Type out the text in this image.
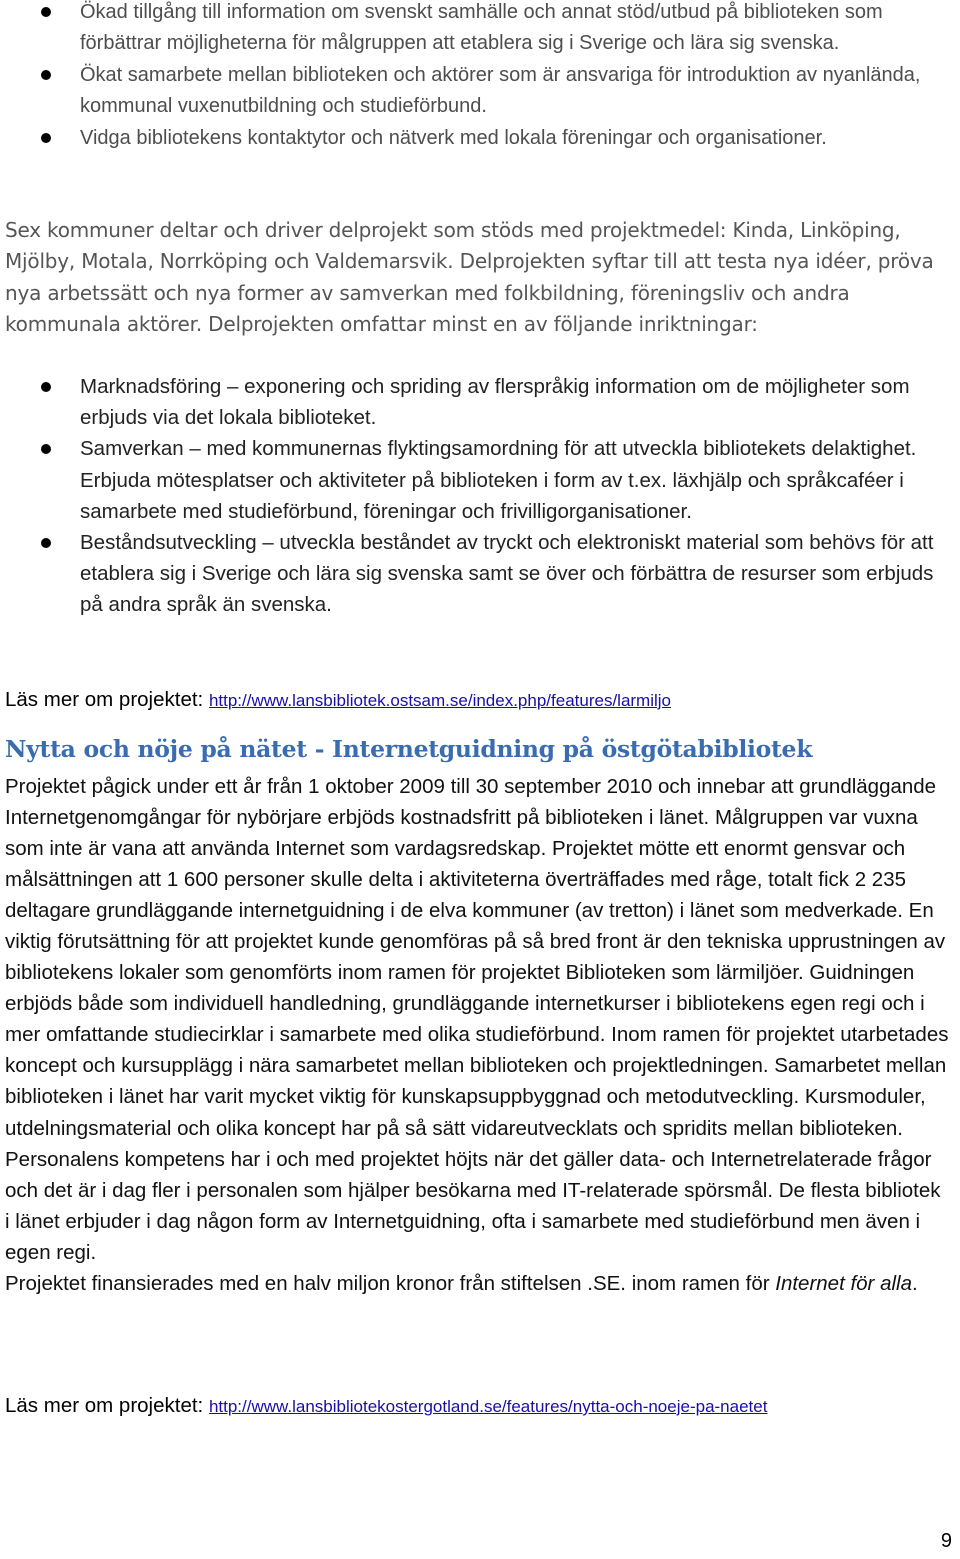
Ökad tillgång till information om svenskt samhälle och annat stöd/utbud på biblioteken som förbättrar möjligheterna för målgruppen att etablera sig i Sverige och lära sig svenska.
Ökat samarbete mellan biblioteken och aktörer som är ansvariga för introduktion av nyanlända, kommunal vuxenutbildning och studieförbund.
Vidga bibliotekens kontaktytor och nätverk med lokala föreningar och organisationer.
Sex kommuner deltar och driver delprojekt som stöds med projektmedel: Kinda, Linköping, Mjölby, Motala, Norrköping och Valdemarsvik. Delprojekten syftar till att testa nya idéer, pröva nya arbetssätt och nya former av samverkan med folkbildning, föreningsliv och andra kommunala aktörer. Delprojekten omfattar minst en av följande inriktningar:
Marknadsföring – exponering och spriding av flerspråkig information om de möjligheter som erbjuds via det lokala biblioteket.
Samverkan – med kommunernas flyktingsamordning för att utveckla bibliotekets delaktighet. Erbjuda mötesplatser och aktiviteter på biblioteken i form av t.ex. läxhjälp och språkcaféer i samarbete med studieförbund, föreningar och frivilligorganisationer.
Beståndsutveckling – utveckla beståndet av tryckt och elektroniskt material som behövs för att etablera sig i Sverige och lära sig svenska samt se över och förbättra de resurser som erbjuds på andra språk än svenska.
Läs mer om projektet: http://www.lansbibliotek.ostsam.se/index.php/features/larmiljo
Nytta och nöje på nätet - Internetguidning på östgötabibliotek

Projektet pågick under ett år från 1 oktober 2009 till 30 september 2010 och innebar att grundläggande Internetgenomgångar för nybörjare erbjöds kostnadsfritt på biblioteken i länet. Målgruppen var vuxna som inte är vana att använda Internet som vardagsredskap. Projektet mötte ett enormt gensvar och målsättningen att 1 600 personer skulle delta i aktiviteterna överträffades med råge, totalt fick 2 235 deltagare grundläggande internetguidning i de elva kommuner (av tretton) i länet som medverkade. En viktig förutsättning för att projektet kunde genomföras på så bred front är den tekniska upprustningen av bibliotekens lokaler som genomförts inom ramen för projektet Biblioteken som lärmiljöer. Guidningen erbjöds både som individuell handledning, grundläggande internetkurser i bibliotekens egen regi och i mer omfattande studiecirklar i samarbete med olika studieförbund. Inom ramen för projektet utarbetades koncept och kursupplägg i nära samarbetet mellan biblioteken och projektledningen. Samarbetet mellan biblioteken i länet har varit mycket viktig för kunskapsuppbyggnad och metodutveckling. Kursmoduler, utdelningsmaterial och olika koncept har på så sätt vidareutvecklats och spridits mellan biblioteken. Personalens kompetens har i och med projektet höjts när det gäller data- och Internetrelaterade frågor och det är i dag fler i personalen som hjälper besökarna med IT-relaterade spörsmål. De flesta bibliotek i länet erbjuder i dag någon form av Internetguidning, ofta i samarbete med studieförbund men även i egen regi.

Projektet finansierades med en halv miljon kronor från stiftelsen .SE. inom ramen för Internet för alla.

Läs mer om projektet: http://www.lansbibliotekostergotland.se/features/nytta-och-noeje-pa-naetet
9
